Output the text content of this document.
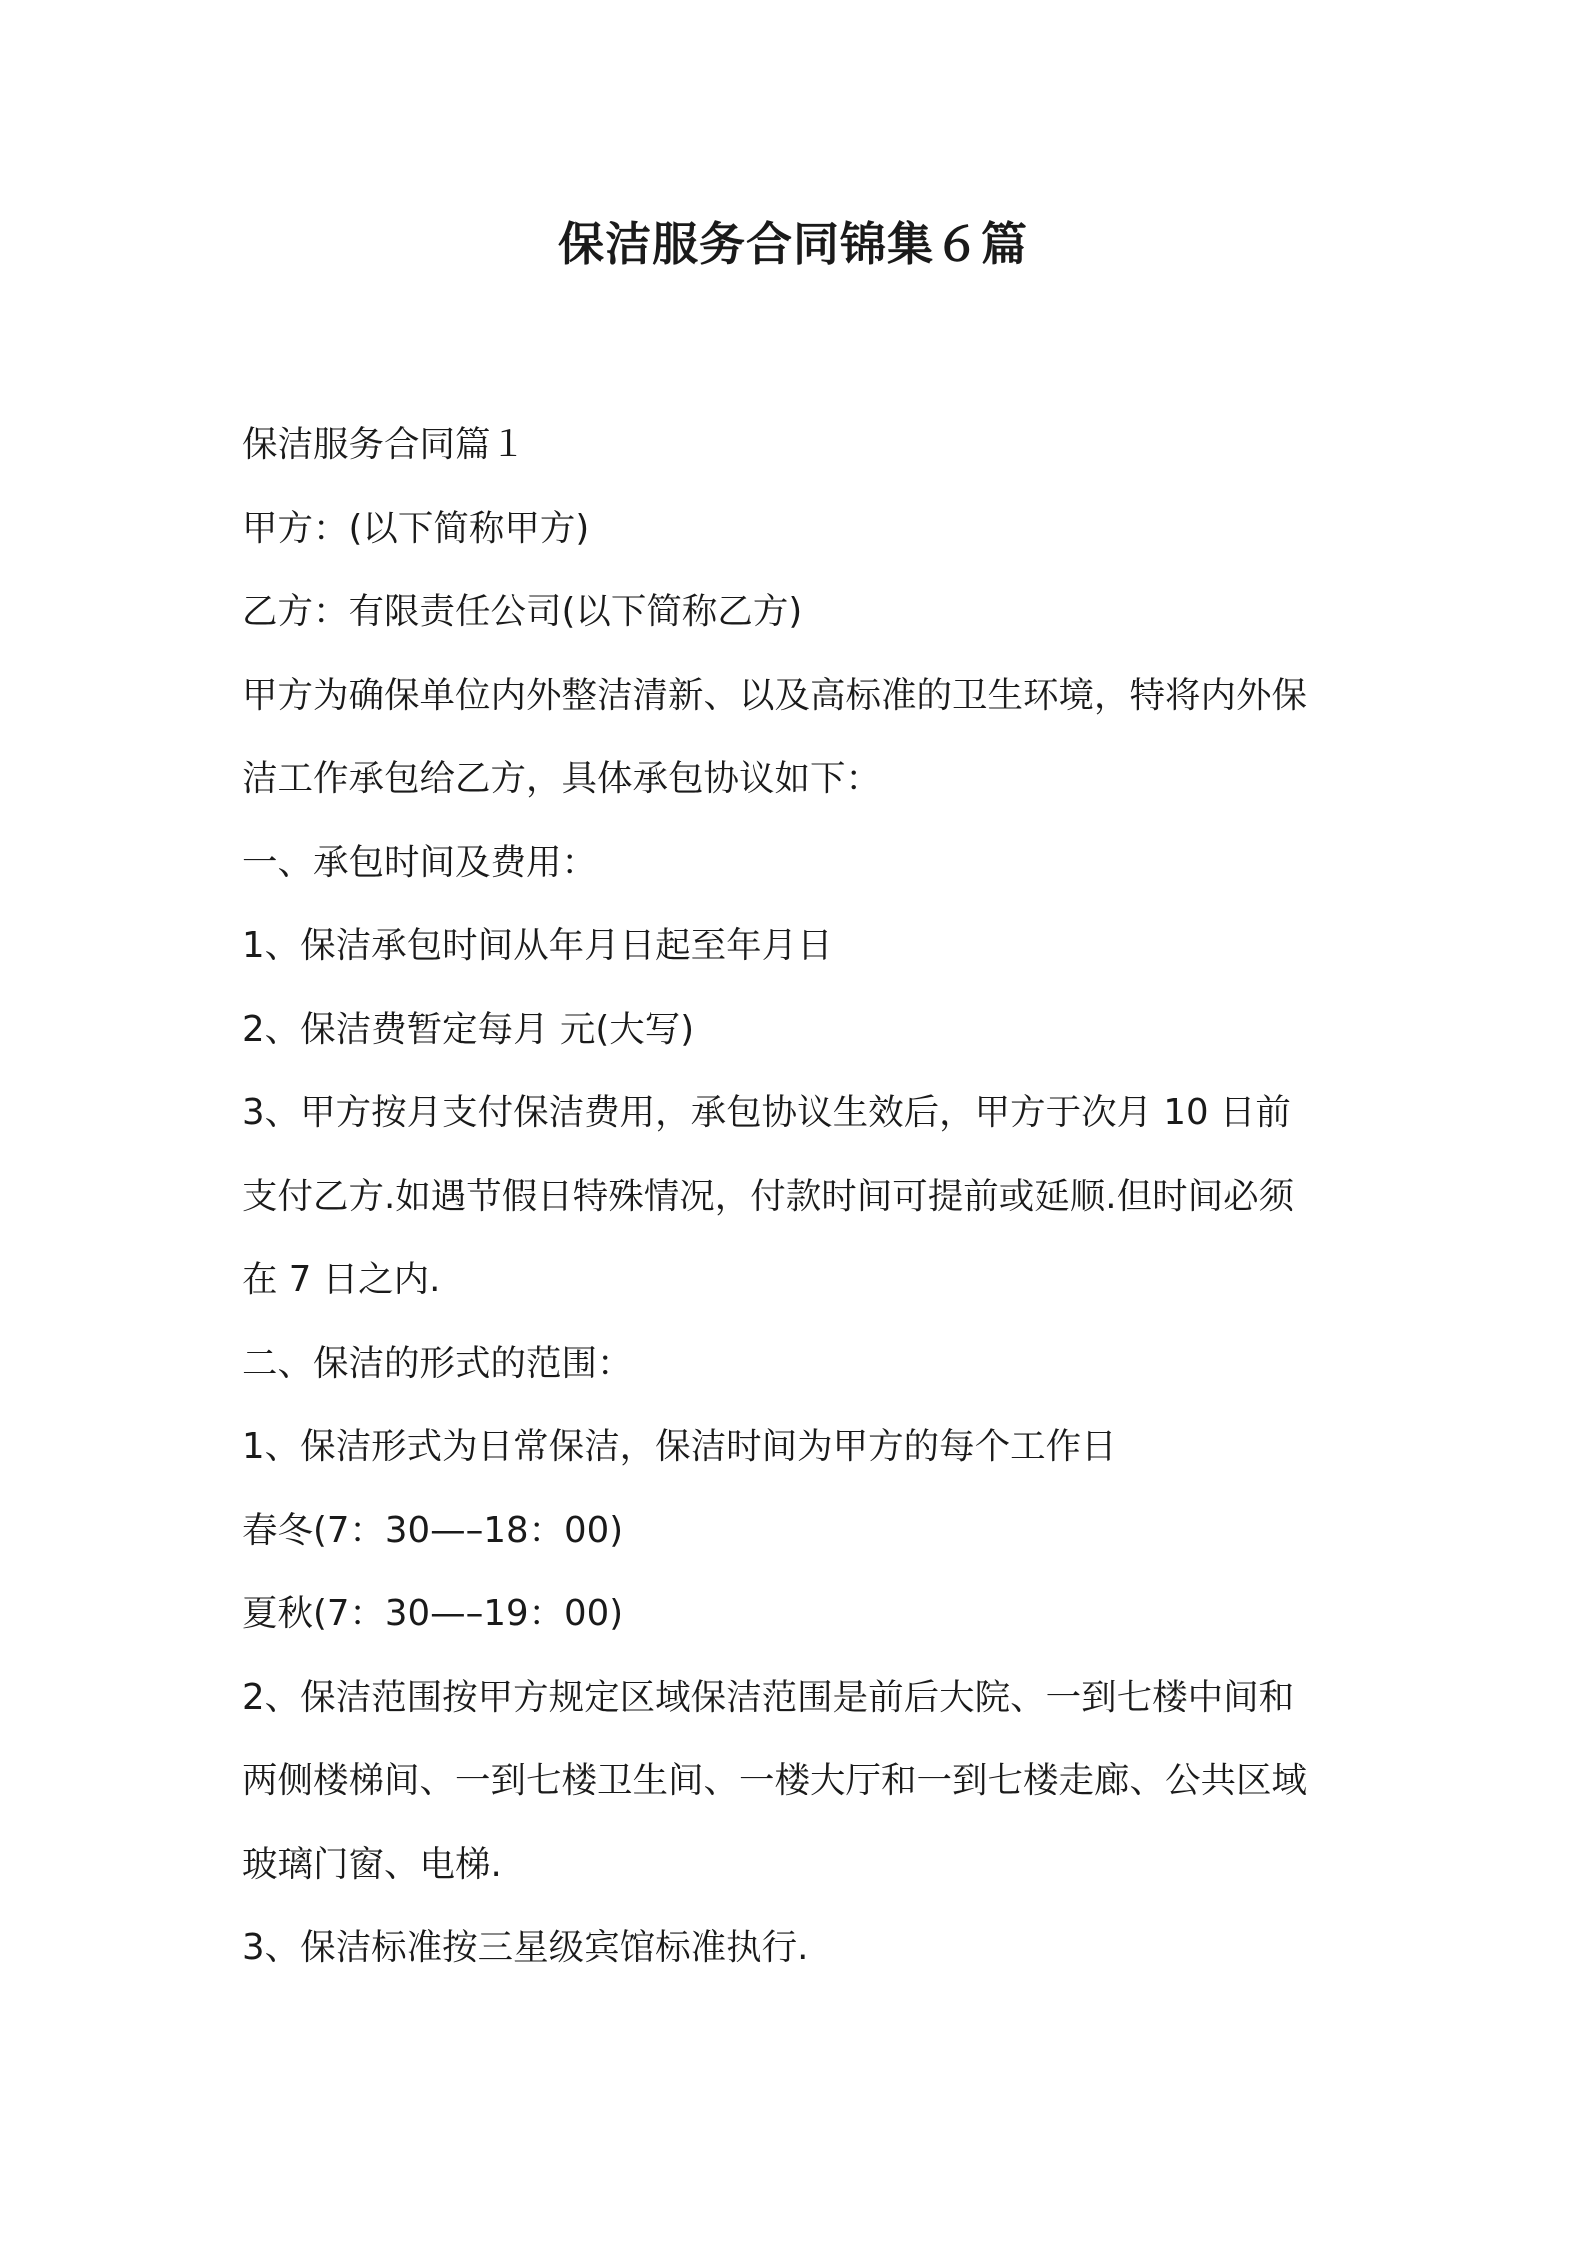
保洁服务合同锦集６篇

保洁服务合同篇１

甲方：(以下简称甲方)

乙方：有限责任公司(以下简称乙方)

甲方为确保单位内外整洁清新、以及高标准的卫生环境，特将内外保

洁工作承包给乙方，具体承包协议如下：

一、承包时间及费用：

1、保洁承包时间从年月日起至年月日

2、保洁费暂定每月 元(大写)

3、甲方按月支付保洁费用，承包协议生效后，甲方于次月 10 日前

支付乙方.如遇节假日特殊情况，付款时间可提前或延顺.但时间必须

在 7 日之内.

二、保洁的形式的范围：

1、保洁形式为日常保洁，保洁时间为甲方的每个工作日

春冬(7：30—–18：00)

夏秋(7：30—–19：00)

2、保洁范围按甲方规定区域保洁范围是前后大院、一到七楼中间和

两侧楼梯间、一到七楼卫生间、一楼大厅和一到七楼走廊、公共区域

玻璃门窗、电梯.

3、保洁标准按三星级宾馆标准执行.
